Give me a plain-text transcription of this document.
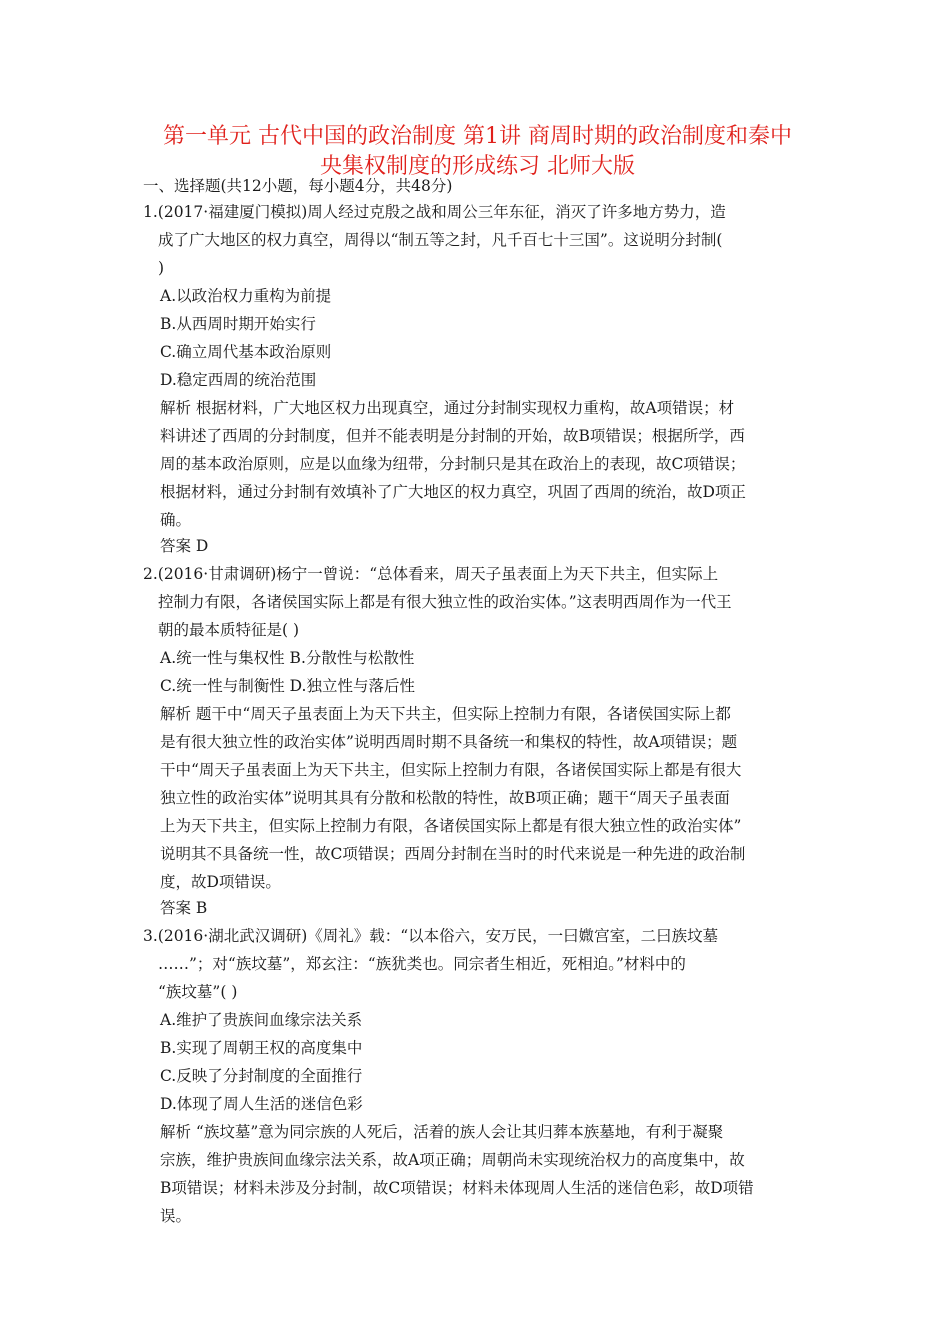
第一单元 古代中国的政治制度 第1讲 商周时期的政治制度和秦中
央集权制度的形成练习 北师大版
一、选择题(共12小题，每小题4分，共48分)
1.(2017·福建厦门模拟)周人经过克殷之战和周公三年东征，消灭了许多地方势力，造
成了广大地区的权力真空，周得以“制五等之封，凡千百七十三国”。这说明分封制(
)
A.以政治权力重构为前提
B.从西周时期开始实行
C.确立周代基本政治原则
D.稳定西周的统治范围
解析 根据材料，广大地区权力出现真空，通过分封制实现权力重构，故A项错误；材
料讲述了西周的分封制度，但并不能表明是分封制的开始，故B项错误；根据所学，西
周的基本政治原则，应是以血缘为纽带，分封制只是其在政治上的表现，故C项错误；
根据材料，通过分封制有效填补了广大地区的权力真空，巩固了西周的统治，故D项正
确。
答案 D
2.(2016·甘肃调研)杨宁一曾说：“总体看来，周天子虽表面上为天下共主，但实际上
控制力有限，各诸侯国实际上都是有很大独立性的政治实体。”这表明西周作为一代王
朝的最本质特征是( )
A.统一性与集权性 B.分散性与松散性
C.统一性与制衡性 D.独立性与落后性
解析 题干中“周天子虽表面上为天下共主，但实际上控制力有限，各诸侯国实际上都
是有很大独立性的政治实体”说明西周时期不具备统一和集权的特性，故A项错误；题
干中“周天子虽表面上为天下共主，但实际上控制力有限，各诸侯国实际上都是有很大
独立性的政治实体”说明其具有分散和松散的特性，故B项正确；题干“周天子虽表面
上为天下共主，但实际上控制力有限，各诸侯国实际上都是有很大独立性的政治实体”
说明其不具备统一性，故C项错误；西周分封制在当时的时代来说是一种先进的政治制
度，故D项错误。
答案 B
3.(2016·湖北武汉调研)《周礼》载：“以本俗六，安万民，一曰媺宫室，二曰族坟墓
……”；对“族坟墓”，郑玄注：“族犹类也。同宗者生相近，死相迫。”材料中的
“族坟墓”( )
A.维护了贵族间血缘宗法关系
B.实现了周朝王权的高度集中
C.反映了分封制度的全面推行
D.体现了周人生活的迷信色彩
解析 “族坟墓”意为同宗族的人死后，活着的族人会让其归葬本族墓地，有利于凝聚
宗族，维护贵族间血缘宗法关系，故A项正确；周朝尚未实现统治权力的高度集中，故
B项错误；材料未涉及分封制，故C项错误；材料未体现周人生活的迷信色彩，故D项错
误。
